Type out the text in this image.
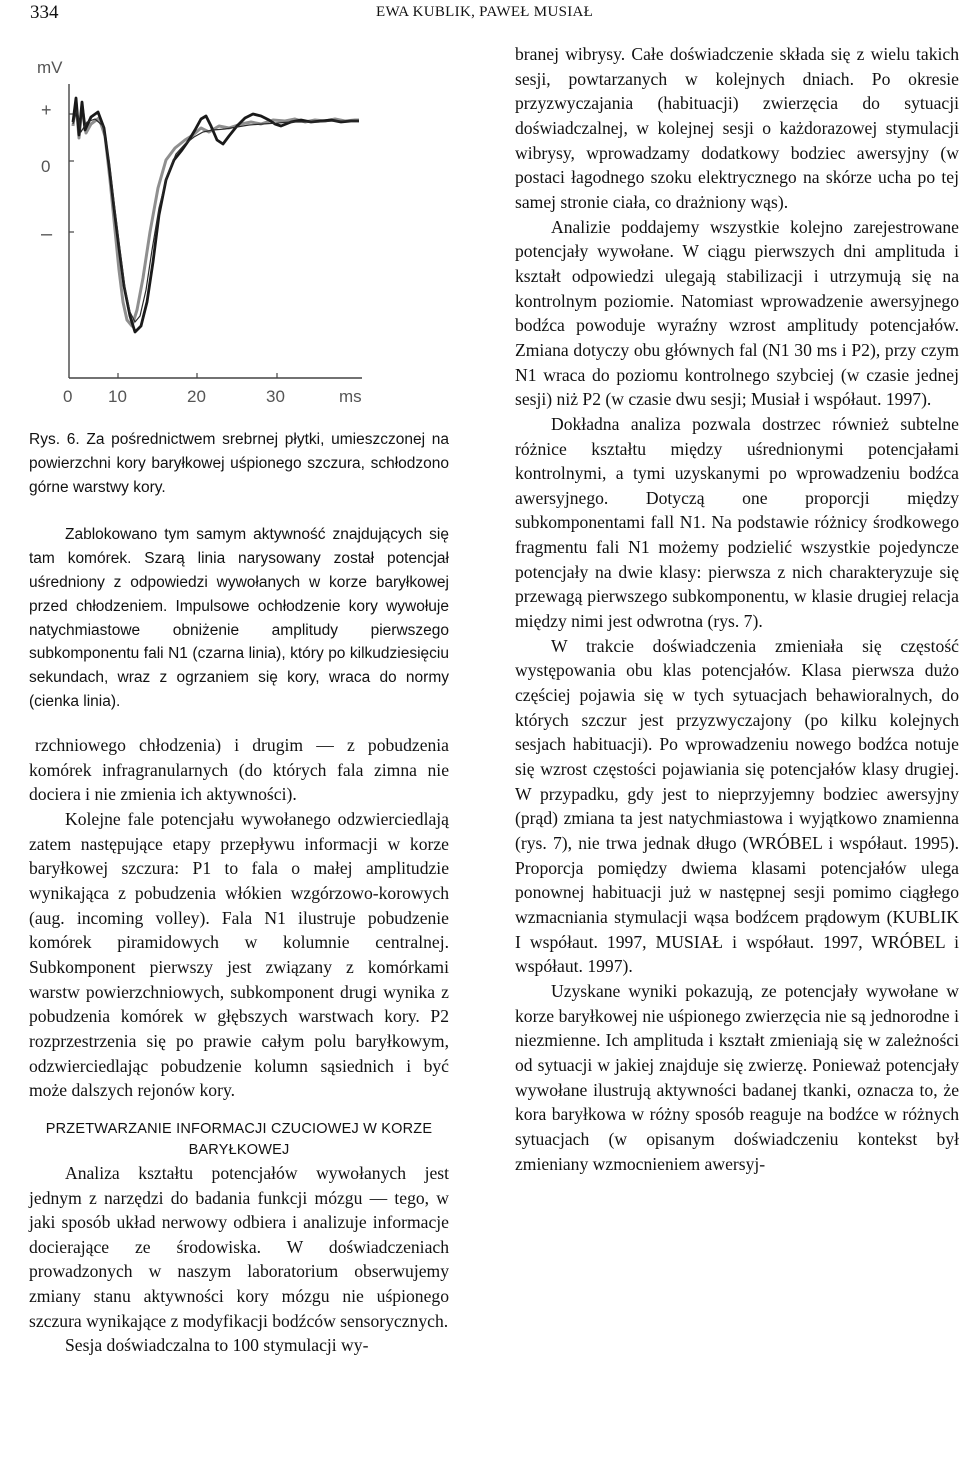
334	EWA KUBLIK, PAWEŁ MUSIAŁ
mV
+
0
–
0 10	20	30	ms

Rys. 6. Za pośrednictwem srebrnej płytki, umieszczonej na powierzchni kory baryłkowej uśpionego szczura, schłodzono górne warstwy kory.

Zablokowano tym samym aktywność znajdujących się tam komórek. Szarą linia narysowany został potencjał uśredniony z odpowiedzi wywołanych w korze baryłkowej przed chłodzeniem. Impulsowe ochłodzenie kory wywołuje natychmiastowe obniżenie amplitudy pierwszego subkomponentu fali N1 (czarna linia), który po kilkudziesięciu sekundach, wraz z ogrzaniem się kory, wraca do normy (cienka linia).

rzchniowego chłodzenia) i drugim — z pobudzenia komórek infragranularnych (do których fala zimna nie dociera i nie zmienia ich aktywności).

Kolejne fale potencjału wywołanego odzwierciedlają zatem następujące etapy przepływu informacji w korze baryłkowej szczura: P1 to fala o małej amplitudzie wynikająca z pobudzenia włókien wzgórzowo-korowych (aug. incoming volley). Fala N1 ilustruje pobudzenie komórek piramidowych w kolumnie centralnej. Subkomponent pierwszy jest związany z komórkami warstw powierzchniowych, subkomponent drugi wynika z pobudzenia komórek w głębszych warstwach kory. P2 rozprzestrzenia się po prawie całym polu baryłkowym, odzwierciedlając pobudzenie kolumn sąsiednich i być może dalszych rejonów kory.

PRZETWARZANIE INFORMACJI CZUCIOWEJ W KORZE BARYŁKOWEJ

Analiza kształtu potencjałów wywołanych jest jednym z narzędzi do badania funkcji mózgu — tego, w jaki sposób układ nerwowy odbiera i analizuje informacje docierające ze środowiska. W doświadczeniach prowadzonych w naszym laboratorium obserwujemy zmiany stanu aktywności kory mózgu nie uśpionego szczura wynikające z modyfikacji bodźców sensorycznych.

Sesja doświadczalna to 100 stymulacji wy-

branej wibrysy. Całe doświadczenie składa się z wielu takich sesji, powtarzanych w kolejnych dniach. Po okresie przyzwyczajania (habituacji) zwierzęcia do sytuacji doświadczalnej, w kolejnej sesji o każdorazowej stymulacji wibrysy, wprowadzamy dodatkowy bodziec awersyjny (w postaci łagodnego szoku elektrycznego na skórze ucha po tej samej stronie ciała, co drażniony wąs).

Analizie poddajemy wszystkie kolejno zarejestrowane potencjały wywołane. W ciągu pierwszych dni amplituda i kształt odpowiedzi ulegają stabilizacji i utrzymują się na kontrolnym poziomie. Natomiast wprowadzenie awersyjnego bodźca powoduje wyraźny wzrost amplitudy potencjałów. Zmiana dotyczy obu głównych fal (N1 30 ms i P2), przy czym N1 wraca do poziomu kontrolnego szybciej (w czasie jednej sesji) niż P2 (w czasie dwu sesji; Musiał i współaut. 1997).

Dokładna analiza pozwala dostrzec również subtelne różnice kształtu między uśrednionymi potencjałami kontrolnymi, a tymi uzyskanymi po wprowadzeniu bodźca awersyjnego. Dotyczą one proporcji między subkomponentami fall N1. Na podstawie różnicy środkowego fragmentu fali N1 możemy podzielić wszystkie pojedyncze potencjały na dwie klasy: pierwsza z nich charakteryzuje się przewagą pierwszego subkomponentu, w klasie drugiej relacja między nimi jest odwrotna (rys. 7).

W trakcie doświadczenia zmieniała się częstość występowania obu klas potencjałów. Klasa pierwsza dużo częściej pojawia się w tych sytuacjach behawioralnych, do których szczur jest przyzwyczajony (po kilku kolejnych sesjach habituacji). Po wprowadzeniu nowego bodźca notuje się wzrost częstości pojawiania się potencjałów klasy drugiej. W przypadku, gdy jest to nieprzyjemny bodziec awersyjny (prąd) zmiana ta jest natychmiastowa i wyjątkowo znamienna (rys. 7), nie trwa jednak długo (WRÓBEL i współaut. 1995). Proporcja pomiędzy dwiema klasami potencjałów ulega ponownej habituacji już w następnej sesji pomimo ciągłego wzmacniania stymulacji wąsa bodźcem prądowym (KUBLIK I współaut. 1997, MUSIAŁ i współaut. 1997, WRÓBEL i współaut. 1997).

Uzyskane wyniki pokazują, ze potencjały wywołane w korze baryłkowej nie uśpionego zwierzęcia nie są jednorodne i niezmienne. Ich amplituda i kształt zmieniają się w zależności od sytuacji w jakiej znajduje się zwierzę. Ponieważ potencjały wywołane ilustrują aktywności badanej tkanki, oznacza to, że kora baryłkowa w różny sposób reaguje na bodźce w różnych sytuacjach (w opisanym doświadczeniu kontekst był zmieniany wzmocnieniem awersyj-
